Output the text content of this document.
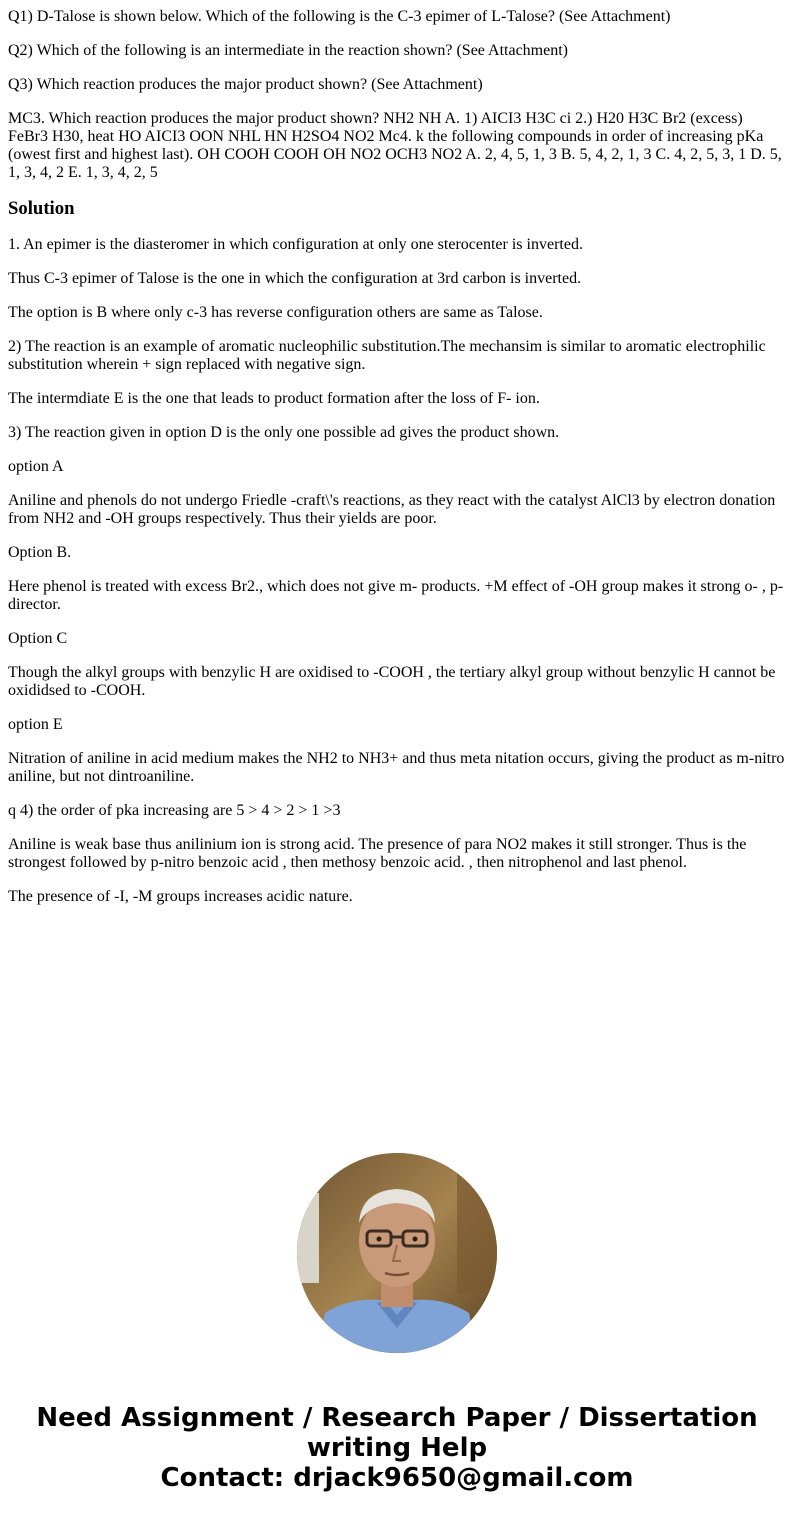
Q1) D-Talose is shown below. Which of the following is the C-3 epimer of L-Talose? (See Attachment)

Q2) Which of the following is an intermediate in the reaction shown? (See Attachment)

Q3) Which reaction produces the major product shown? (See Attachment)

MC3. Which reaction produces the major product shown? NH2 NH A. 1) AICI3 H3C ci 2.) H20 H3C Br2 (excess) FeBr3 H30, heat HO AICI3 OON NHL HN H2SO4 NO2 Mc4. k the following compounds in order of increasing pKa (owest first and highest last). OH COOH COOH OH NO2 OCH3 NO2 A. 2, 4, 5, 1, 3 B. 5, 4, 2, 1, 3 C. 4, 2, 5, 3, 1 D. 5, 1, 3, 4, 2 E. 1, 3, 4, 2, 5

Solution

1. An epimer is the diasteromer in which configuration at only one sterocenter is inverted.

Thus C-3 epimer of Talose is the one in which the configuration at 3rd carbon is inverted.

The option is B where only c-3 has reverse configuration others are same as Talose.

2) The reaction is an example of aromatic nucleophilic substitution.The mechansim is similar to aromatic electrophilic substitution wherein + sign replaced with negative sign.

The intermdiate E is the one that leads to product formation after the loss of F- ion.

3) The reaction given in option D is the only one possible ad gives the product shown.

option A

Aniline and phenols do not undergo Friedle -craft\'s reactions, as they react with the catalyst AlCl3 by electron donation from NH2 and -OH groups respectively. Thus their yields are poor.

Option B.

Here phenol is treated with excess Br2., which does not give m- products. +M effect of -OH group makes it strong o- , p- director.

Option C

Though the alkyl groups with benzylic H are oxidised to -COOH , the tertiary alkyl group without benzylic H cannot be oxididsed to -COOH.

option E

Nitration of aniline in acid medium makes the NH2 to NH3+ and thus meta nitation occurs, giving the product as m-nitro aniline, but not dintroaniline.

q 4) the order of pka increasing are 5 > 4 > 2 > 1 >3

Aniline is weak base thus anilinium ion is strong acid. The presence of para NO2 makes it still stronger. Thus is the strongest followed by p-nitro benzoic acid , then methosy benzoic acid. , then nitrophenol and last phenol.

The presence of -I, -M groups increases acidic nature.

Need Assignment / Research Paper / Dissertation
writing Help
Contact: drjack9650@gmail.com
